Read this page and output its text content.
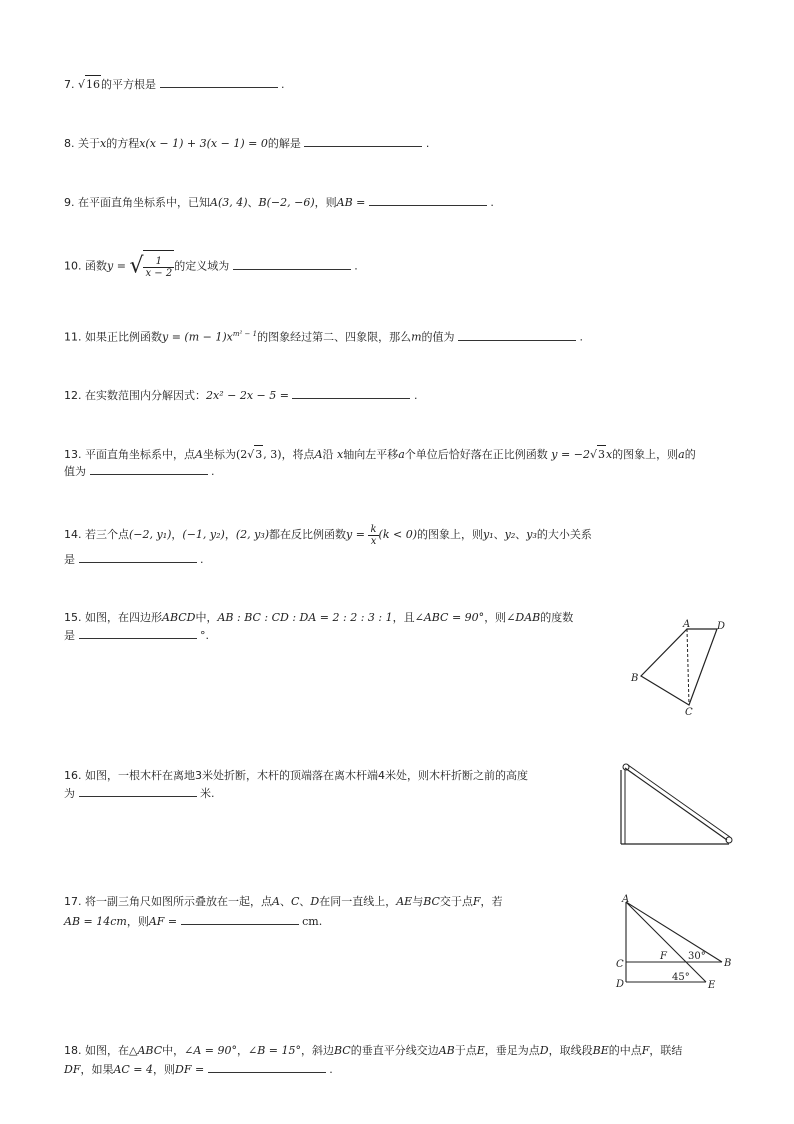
7. √16的平方根是	.
8. 关于x的方程x(x − 1) + 3(x − 1) = 0的解是	.
9. 在平面直角坐标系中，已知A(3, 4)、B(−2, −6)，则AB =	.
10. 函数y = √ $\frac{1}{x - 2}$ 的定义域为	.
11. 如果正比例函数$y = (m - 1)x^{m^2 - 1}$的图象经过第二、四象限，那么m的值为	.
12. 在实数范围内分解因式：2x² − 2x − 5 =	.
13. 平面直角坐标系中，点A坐标为(2√3, 3)，将点A沿 x轴向左平移a个单位后恰好落在正比例函数 y = −2√3x的图象上，则a的
值为	.
14. 若三个点(−2, y₁)，(−1, y₂)，(2, y₃)都在反比例函数$y = \frac{k}{x} (k < 0)$的图象上，则y₁、y₂、y₃的大小关系
是	.
15. 如图，在四边形ABCD中，AB : BC : CD : DA = 2 : 2 : 3 : 1，且∠ABC = 90°，则∠DAB的度数
是	°.
A	D
B
C
16. 如图，一根木杆在离地3米处折断，木杆的顶端落在离木杆端4米处，则木杆折断之前的高度
为	米.
17. 将一副三角尺如图所示叠放在一起，点A、C、D在同一直线上，AE与BC交于点F，若
AB = 14cm，则AF =	cm.
A
C
D
B
E
F 30°
45°
18. 如图，在△ABC中，∠A = 90°，∠B = 15°，斜边BC的垂直平分线交边AB于点E，垂足为点D，取线段BE的中点F，联结
DF，如果AC = 4，则DF =	.
